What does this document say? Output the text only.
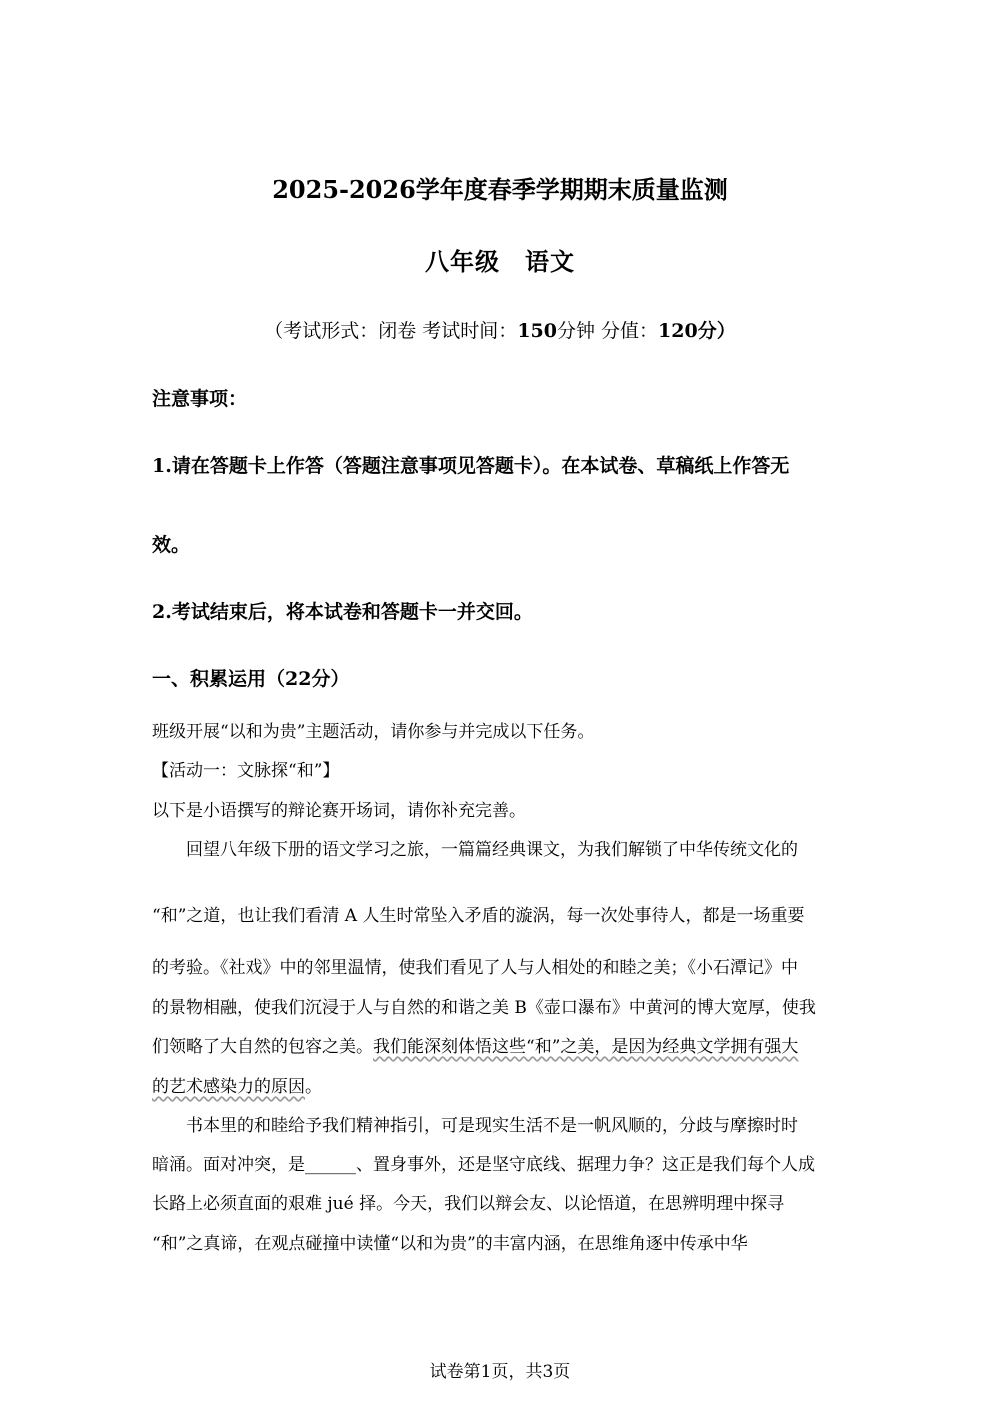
2025-2026学年度春季学期期末质量监测
八年级　语文
（考试形式：闭卷 考试时间：150分钟 分值：120分）
注意事项：
1.请在答题卡上作答（答题注意事项见答题卡）。在本试卷、草稿纸上作答无
效。
2.考试结束后，将本试卷和答题卡一并交回。
一、积累运用（22分）
班级开展“以和为贵”主题活动，请你参与并完成以下任务。
【活动一：文脉探“和”】
以下是小语撰写的辩论赛开场词，请你补充完善。
回望八年级下册的语文学习之旅，一篇篇经典课文，为我们解锁了中华传统文化的
“和”之道，也让我们看清 A 人生时常坠入矛盾的漩涡，每一次处事待人，都是一场重要
的考验。《社戏》中的邻里温情，使我们看见了人与人相处的和睦之美；《小石潭记》中
的景物相融，使我们沉浸于人与自然的和谐之美 B《壶口瀑布》中黄河的博大宽厚，使我
们领略了大自然的包容之美。我们能深刻体悟这些“和”之美，是因为经典文学拥有强大
的艺术感染力的原因。
书本里的和睦给予我们精神指引，可是现实生活不是一帆风顺的，分歧与摩擦时时
暗涌。面对冲突，是______、置身事外，还是坚守底线、据理力争？这正是我们每个人成
长路上必须直面的艰难 jué 择。今天，我们以辩会友、以论悟道，在思辨明理中探寻
“和”之真谛，在观点碰撞中读懂“以和为贵”的丰富内涵，在思维角逐中传承中华
试卷第1页，共3页
